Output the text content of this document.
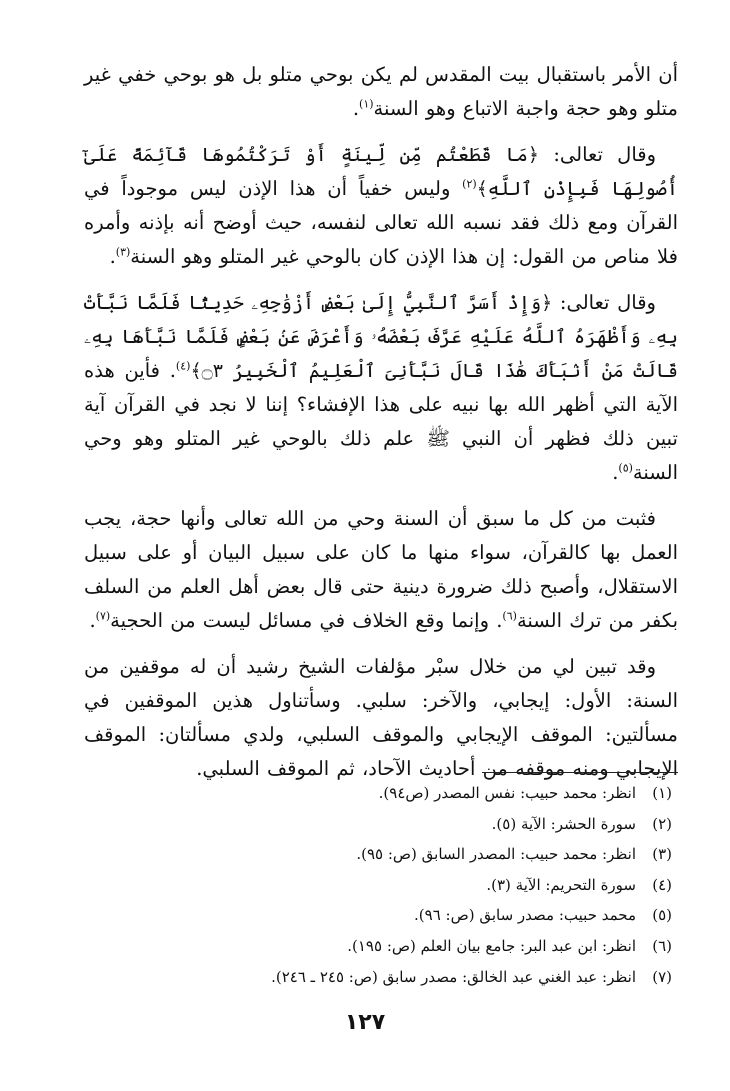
أن الأمر باستقبال بيت المقدس لم يكن بوحي متلو بل هو بوحي خفي غير متلو وهو حجة واجبة الاتباع وهو السنة$^{(١)}$.

وقال تعالى: ﴿مَا قَطَعْتُم مِّن لِّينَةٍ أَوْ تَرَكْتُمُوهَا قَآئِمَةً عَلَىٰٓ أُصُولِهَا فَبِإِذْنِ ٱللَّهِ﴾$^{(٢)}$ وليس خفياً أن هذا الإذن ليس موجوداً في القرآن ومع ذلك فقد نسبه الله تعالى لنفسه، حيث أوضح أنه بإذنه وأمره فلا مناص من القول: إن هذا الإذن كان بالوحي غير المتلو وهو السنة$^{(٣)}$.

وقال تعالى: ﴿وَإِذْ أَسَرَّ ٱلنَّبِيُّ إِلَىٰ بَعْضِ أَزْوَٰجِهِۦ حَدِيثًا فَلَمَّا نَبَّأَتْ بِهِۦ وَأَظْهَرَهُ ٱللَّهُ عَلَيْهِ عَرَّفَ بَعْضَهُۥ وَأَعْرَضَ عَنۢ بَعْضٍ فَلَمَّا نَبَّأَهَا بِهِۦ قَالَتْ مَنْ أَنۢبَأَكَ هَٰذَا قَالَ نَبَّأَنِىَ ٱلْعَلِيمُ ٱلْخَبِيرُ ۝٣﴾$^{(٤)}$. فأين هذه الآية التي أظهر الله بها نبيه على هذا الإفشاء؟ إننا لا نجد في القرآن آية تبين ذلك فظهر أن النبي ﷺ علم ذلك بالوحي غير المتلو وهو وحي السنة$^{(٥)}$.

فثبت من كل ما سبق أن السنة وحي من الله تعالى وأنها حجة، يجب العمل بها كالقرآن، سواء منها ما كان على سبيل البيان أو على سبيل الاستقلال، وأصبح ذلك ضرورة دينية حتى قال بعض أهل العلم من السلف بكفر من ترك السنة$^{(٦)}$. وإنما وقع الخلاف في مسائل ليست من الحجية$^{(٧)}$.

وقد تبين لي من خلال سبْر مؤلفات الشيخ رشيد أن له موقفين من السنة: الأول: إيجابي، والآخر: سلبي. وسأتناول هذين الموقفين في مسألتين: الموقف الإيجابي والموقف السلبي، ولدي مسألتان: الموقف الإيجابي ومنه موقفه من أحاديث الآحاد، ثم الموقف السلبي.

(١)
انظر: محمد حبيب: نفس المصدر (ص٩٤).
(٢)
سورة الحشر: الآية (٥).
(٣)
انظر: محمد حبيب: المصدر السابق (ص: ٩٥).
(٤)
سورة التحريم: الآية (٣).
(٥)
محمد حبيب: مصدر سابق (ص: ٩٦).
(٦)
انظر: ابن عبد البر: جامع بيان العلم (ص: ١٩٥).
(٧)
انظر: عبد الغني عبد الخالق: مصدر سابق (ص: ٢٤٥ ـ ٢٤٦).
١٢٧
